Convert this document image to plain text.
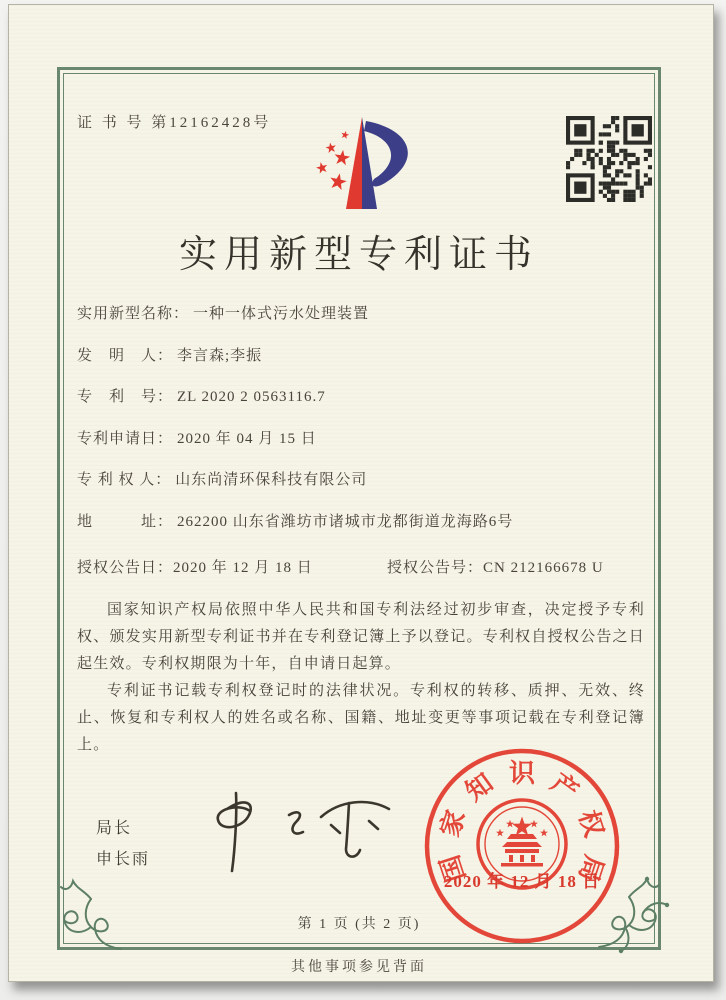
证 书 号 第12162428号
实用新型专利证书
实用新型名称： 一种一体式污水处理装置
发　明　人： 李言森;李振
专　利　号： ZL 2020 2 0563116.7
专利申请日： 2020 年 04 月 15 日
专 利 权 人： 山东尚清环保科技有限公司
地　　　址： 262200 山东省潍坊市诸城市龙都街道龙海路6号
授权公告日：2020 年 12 月 18 日	授权公告号：CN 212166678 U

国家知识产权局依照中华人民共和国专利法经过初步审查，决定授予专利权、颁发实用新型专利证书并在专利登记簿上予以登记。专利权自授权公告之日起生效。专利权期限为十年，自申请日起算。

专利证书记载专利权登记时的法律状况。专利权的转移、质押、无效、终止、恢复和专利权人的姓名或名称、国籍、地址变更等事项记载在专利登记簿上。

局长
申长雨	国
家
知 识 产
权
局
2020 年 12 月 18 日
第 1 页 (共 2 页)
其他事项参见背面
